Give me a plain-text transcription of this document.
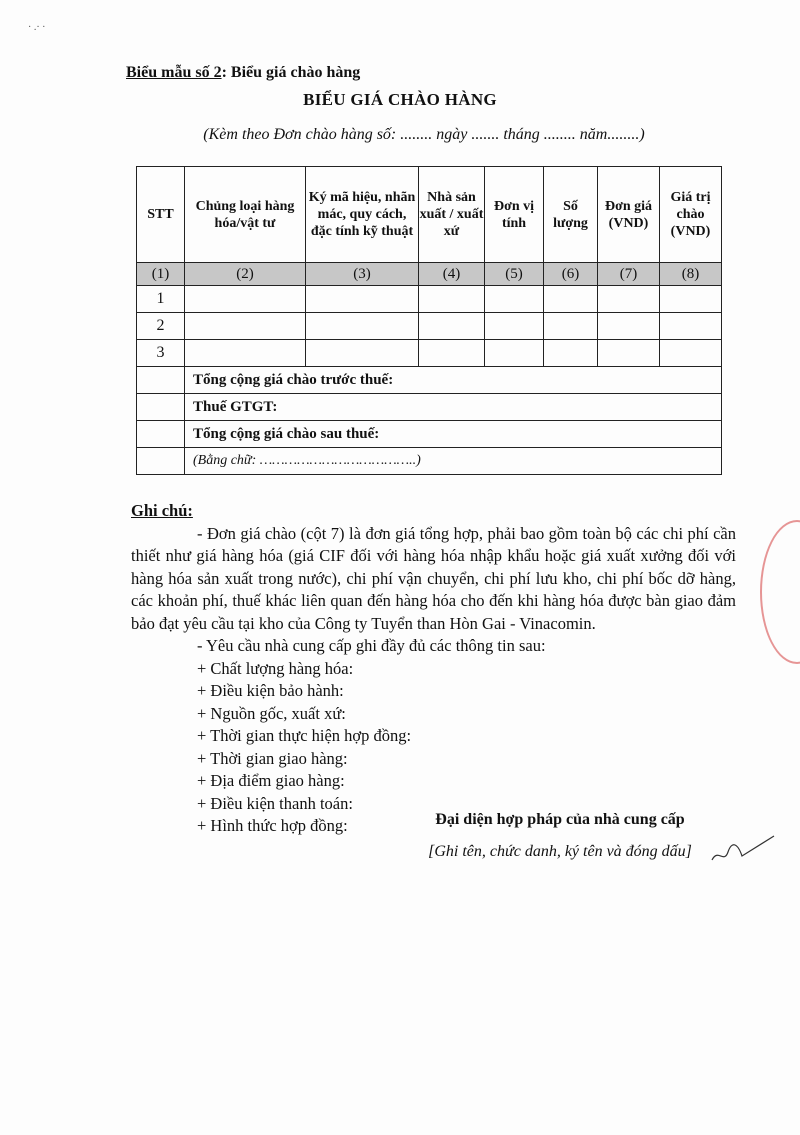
· .· ·
Biểu mẫu số 2: Biểu giá chào hàng
BIỂU GIÁ CHÀO HÀNG
(Kèm theo Đơn chào hàng số: ........ ngày ....... tháng ........ năm........)
STT	Chủng loại hàng hóa/vật tư	Ký mã hiệu, nhãn mác, quy cách, đặc tính kỹ thuật	Nhà sản xuất / xuất xứ	Đơn vị tính	Số lượng	Đơn giá (VND)	Giá trị chào (VND)
(1)	(2)	(3)	(4)	(5)	(6)	(7)	(8)
1							
2							
3							
	Tổng cộng giá chào trước thuế:						
	Thuế GTGT:						
	Tổng cộng giá chào sau thuế:						
	(Bằng chữ: ………………………………..)						
Ghi chú:
- Đơn giá chào (cột 7) là đơn giá tổng hợp, phải bao gồm toàn bộ các chi phí cần thiết như giá hàng hóa (giá CIF đối với hàng hóa nhập khẩu hoặc giá xuất xưởng đối với hàng hóa sản xuất trong nước), chi phí vận chuyển, chi phí lưu kho, chi phí bốc dỡ hàng, các khoản phí, thuế khác liên quan đến hàng hóa cho đến khi hàng hóa được bàn giao đảm bảo đạt yêu cầu tại kho của Công ty Tuyển than Hòn Gai - Vinacomin.
- Yêu cầu nhà cung cấp ghi đầy đủ các thông tin sau:
+ Chất lượng hàng hóa:
+ Điều kiện bảo hành:
+ Nguồn gốc, xuất xứ:
+ Thời gian thực hiện hợp đồng:
+ Thời gian giao hàng:
+ Địa điểm giao hàng:
+ Điều kiện thanh toán:
+ Hình thức hợp đồng:	Đại diện hợp pháp của nhà cung cấp
[Ghi tên, chức danh, ký tên và đóng dấu]
